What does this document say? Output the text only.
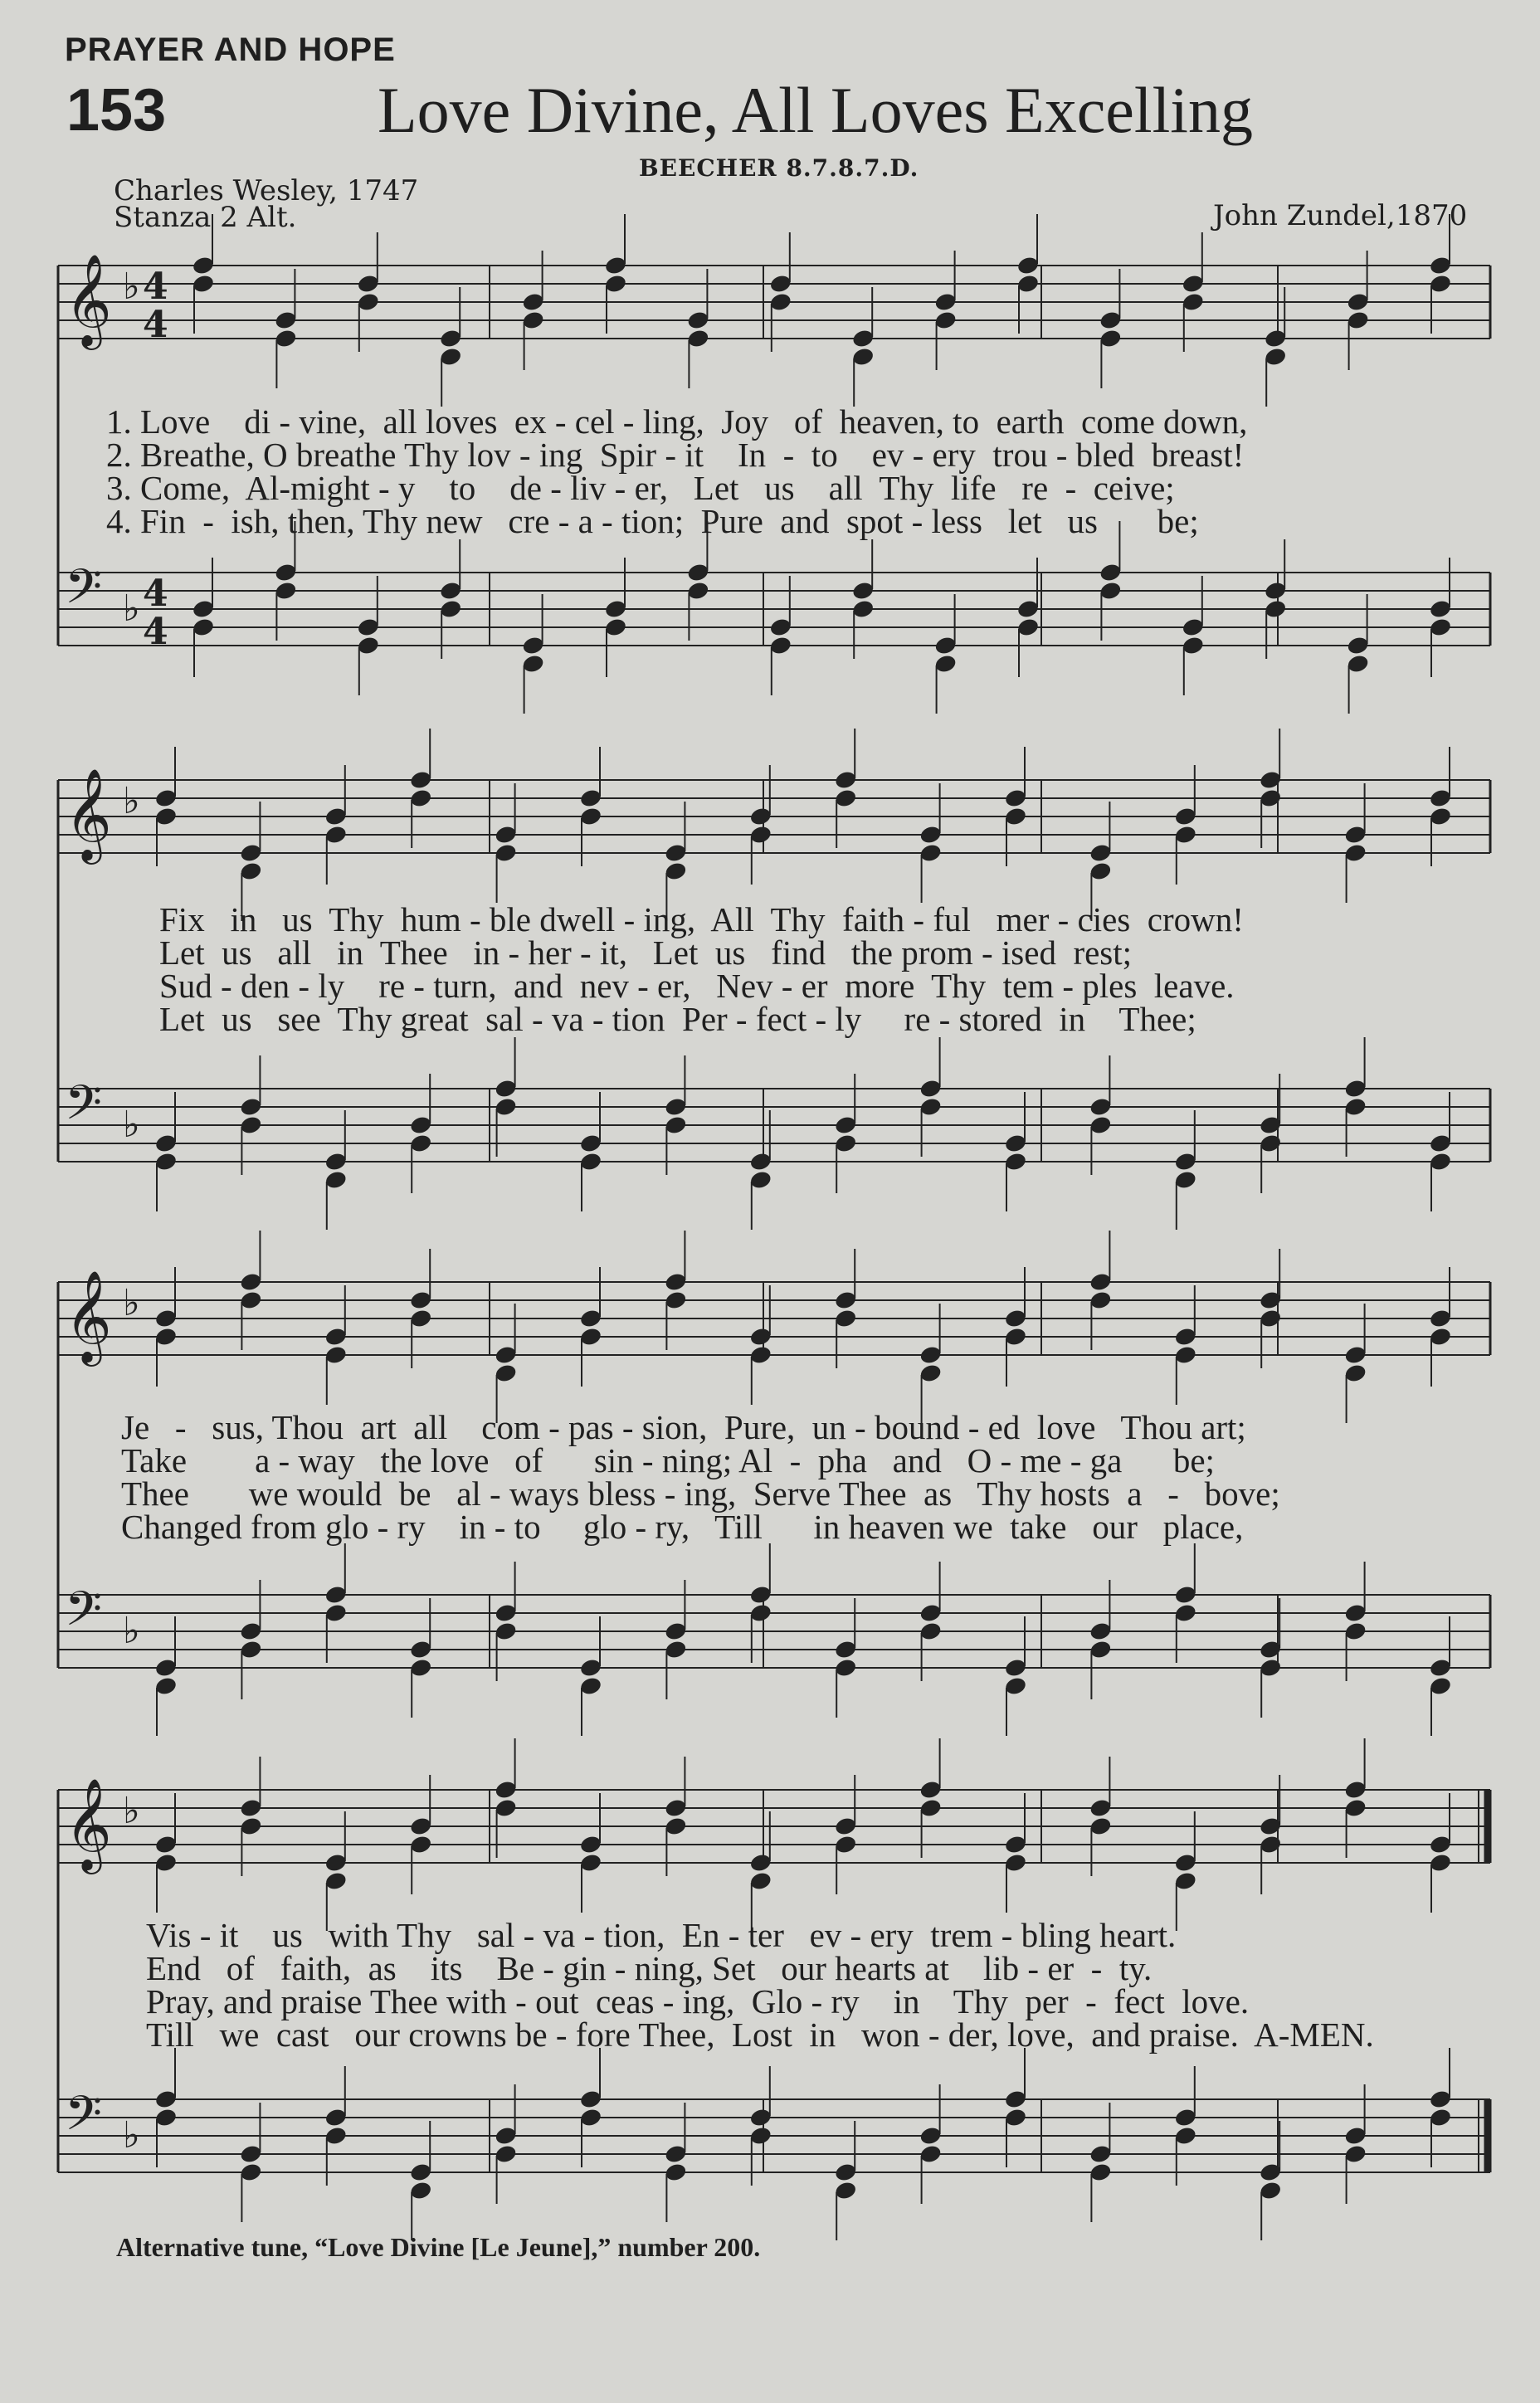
PRAYER AND HOPE
153	Love Divine, All Loves Excelling
BEECHER 8.7.8.7.D.
Charles Wesley, 1747
Stanza 2 Alt.	John Zundel,1870
𝄞 ♭ 4
4
𝄢 ♭ 4
4
𝄞 ♭
𝄢 ♭
𝄞 ♭
𝄢 ♭
𝄞 ♭
𝄢 ♭
1. Love    di - vine,  all loves  ex - cel - ling,  Joy   of  heaven, to  earth  come down,
2. Breathe, O breathe Thy lov - ing  Spir - it    In  -  to    ev - ery  trou - bled  breast!
3. Come,  Al-might - y    to    de - liv - er,   Let   us    all  Thy  life   re  -  ceive;
4. Fin  -  ish, then, Thy new   cre - a - tion;  Pure  and  spot - less   let   us       be;
Fix   in   us  Thy  hum - ble dwell - ing,  All  Thy  faith - ful   mer - cies  crown!
Let  us   all   in  Thee   in - her - it,   Let  us   find   the prom - ised  rest;
Sud - den - ly    re - turn,  and  nev - er,   Nev - er  more  Thy  tem - ples  leave.
Let  us   see  Thy great  sal - va - tion  Per - fect - ly     re - stored  in    Thee;
Je   -   sus, Thou  art  all    com - pas - sion,  Pure,  un - bound - ed  love   Thou art;
Take        a - way   the love   of      sin - ning; Al  -  pha   and   O - me - ga      be;
Thee       we would  be   al - ways bless - ing,  Serve Thee  as   Thy hosts  a   -   bove;
Changed from glo - ry    in - to     glo - ry,   Till      in heaven we  take   our   place,
Vis - it    us   with Thy   sal - va - tion,  En - ter   ev - ery  trem - bling heart.
End   of   faith,  as    its    Be - gin - ning, Set   our hearts at    lib - er  -  ty.
Pray, and praise Thee with - out  ceas - ing,  Glo - ry    in    Thy  per  -  fect  love.
Till   we  cast   our crowns be - fore Thee,  Lost  in   won - der, love,  and praise.  A-MEN.
Alternative tune, “Love Divine [Le Jeune],” number 200.
